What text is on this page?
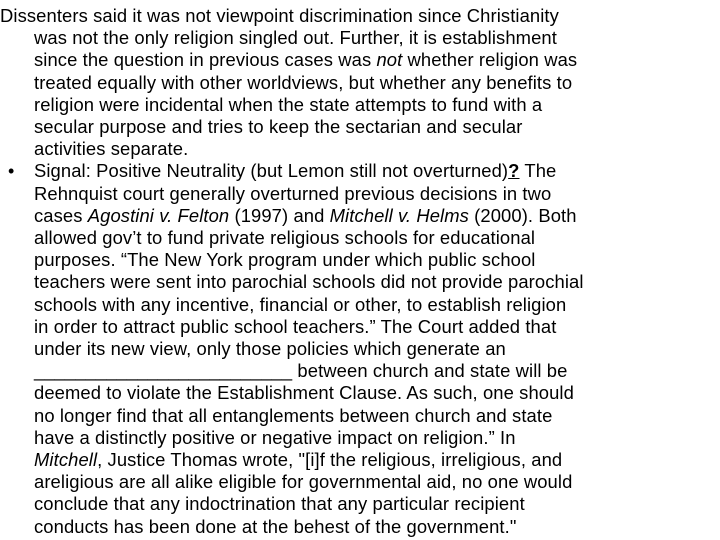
Dissenters said it was not viewpoint discrimination since Christianity
was not the only religion singled out. Further, it is establishment
since the question in previous cases was not whether religion was
treated equally with other worldviews, but whether any benefits to
religion were incidental when the state attempts to fund with a
secular purpose and tries to keep the sectarian and secular
activities separate.
• Signal: Positive Neutrality (but Lemon still not overturned)? The
Rehnquist court generally overturned previous decisions in two
cases Agostini v. Felton (1997) and Mitchell v. Helms (2000). Both
allowed gov’t to fund private religious schools for educational
purposes. “The New York program under which public school
teachers were sent into parochial schools did not provide parochial
schools with any incentive, financial or other, to establish religion
in order to attract public school teachers.” The Court added that
under its new view, only those policies which generate an
_________________________ between church and state will be
deemed to violate the Establishment Clause. As such, one should
no longer find that all entanglements between church and state
have a distinctly positive or negative impact on religion.” In
Mitchell, Justice Thomas wrote, "[i]f the religious, irreligious, and
areligious are all alike eligible for governmental aid, no one would
conclude that any indoctrination that any particular recipient
conducts has been done at the behest of the government."
